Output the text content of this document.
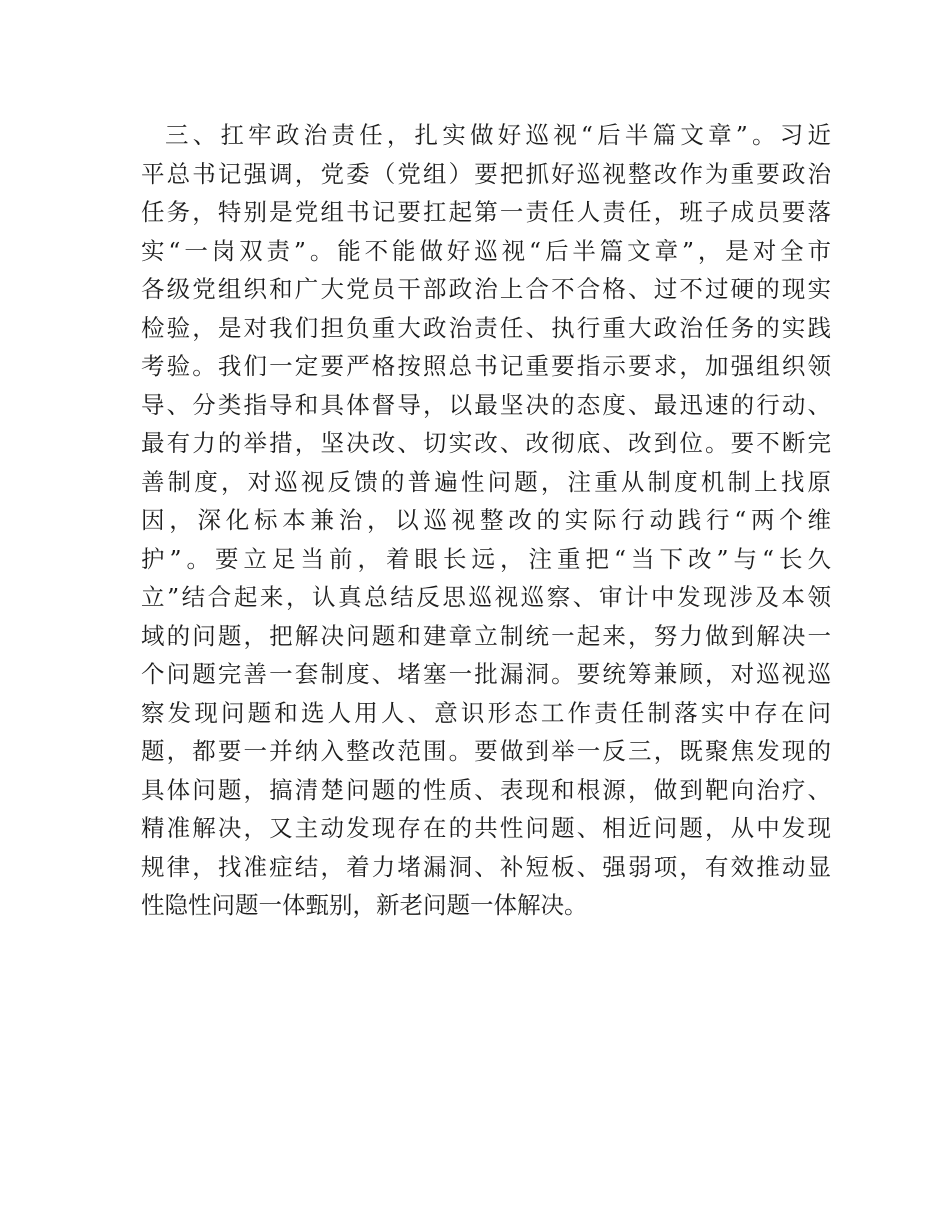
三、扛牢政治责任，扎实做好巡视“后半篇文章”。习近
平总书记强调，党委（党组）要把抓好巡视整改作为重要政治
任务，特别是党组书记要扛起第一责任人责任，班子成员要落
实“一岗双责”。能不能做好巡视“后半篇文章”，是对全市
各级党组织和广大党员干部政治上合不合格、过不过硬的现实
检验，是对我们担负重大政治责任、执行重大政治任务的实践
考验。我们一定要严格按照总书记重要指示要求，加强组织领
导、分类指导和具体督导，以最坚决的态度、最迅速的行动、
最有力的举措，坚决改、切实改、改彻底、改到位。要不断完
善制度，对巡视反馈的普遍性问题，注重从制度机制上找原
因，深化标本兼治，以巡视整改的实际行动践行“两个维
护”。要立足当前，着眼长远，注重把“当下改”与“长久
立”结合起来，认真总结反思巡视巡察、审计中发现涉及本领
域的问题，把解决问题和建章立制统一起来，努力做到解决一
个问题完善一套制度、堵塞一批漏洞。要统筹兼顾，对巡视巡
察发现问题和选人用人、意识形态工作责任制落实中存在问
题，都要一并纳入整改范围。要做到举一反三，既聚焦发现的
具体问题，搞清楚问题的性质、表现和根源，做到靶向治疗、
精准解决，又主动发现存在的共性问题、相近问题，从中发现
规律，找准症结，着力堵漏洞、补短板、强弱项，有效推动显
性隐性问题一体甄别，新老问题一体解决。
